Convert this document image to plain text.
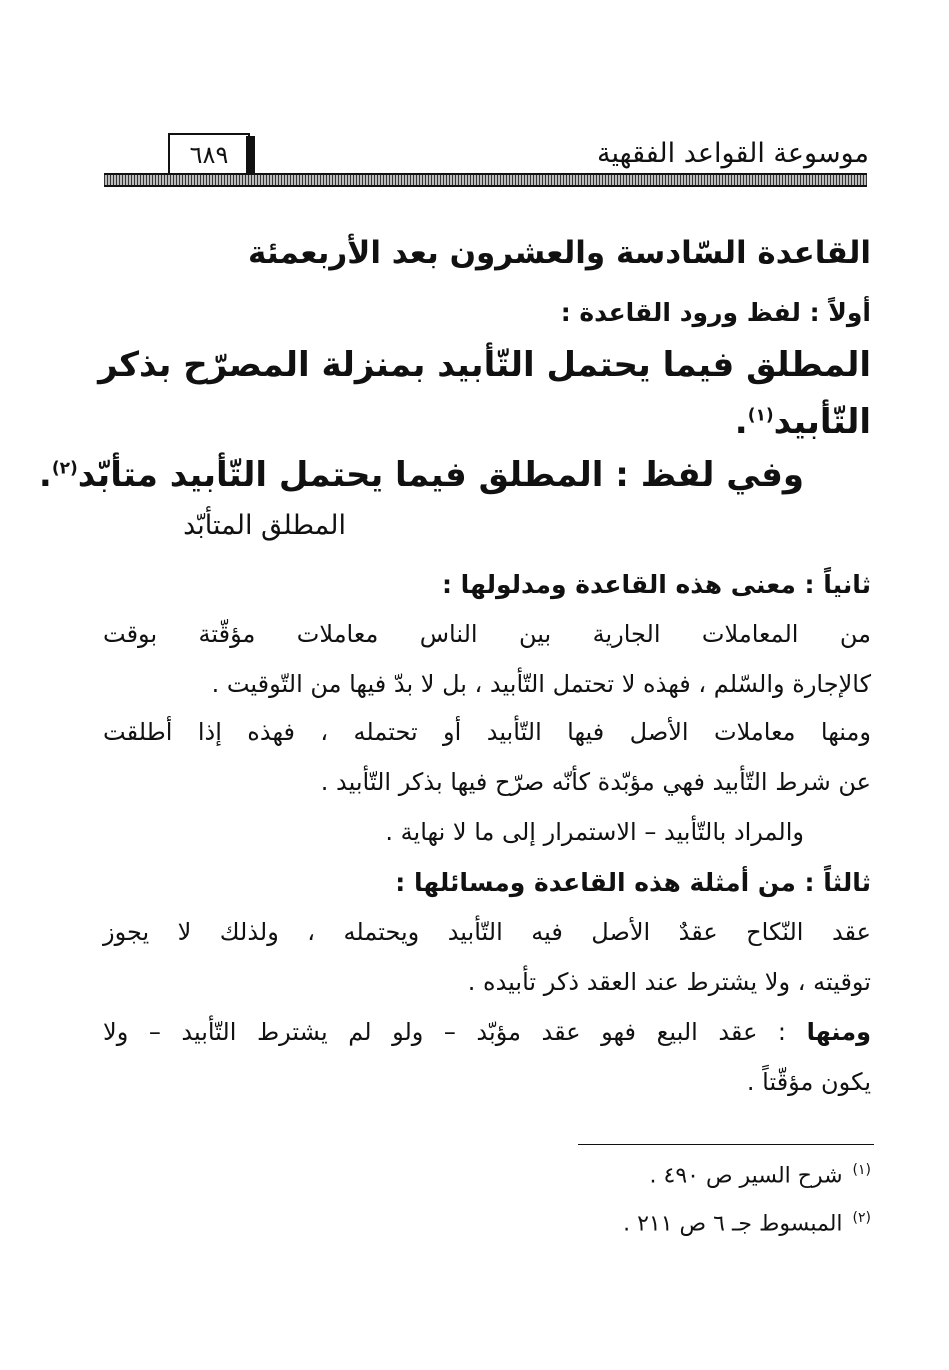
موسوعة القواعد الفقهية
٦٨٩
القاعدة السّادسة والعشرون بعد الأربعمئة
أولاً : لفظ ورود القاعدة :
المطلق فيما يحتمل التّأبيد بمنزلة المصرّح بذكر
التّأبيد$^{(١)}$.
وفي لفظ : المطلق فيما يحتمل التّأبيد متأبّد$^{(٢)}$.
المطلق المتأبّد
ثانياً : معنى هذه القاعدة ومدلولها :
من المعاملات الجارية بين الناس معاملات مؤقّتة بوقت
كالإجارة والسّلم ، فهذه لا تحتمل التّأبيد ، بل لا بدّ فيها من التّوقيت .
ومنها معاملات الأصل فيها التّأبيد أو تحتمله ، فهذه إذا أطلقت
عن شرط التّأبيد فهي مؤبّدة كأنّه صرّح فيها بذكر التّأبيد .
والمراد بالتّأبيد – الاستمرار إلى ما لا نهاية .
ثالثاً : من أمثلة هذه القاعدة ومسائلها :
عقد النّكاح عقدٌ الأصل فيه التّأبيد ويحتمله ، ولذلك لا يجوز
توقيته ، ولا يشترط عند العقد ذكر تأبيده .
ومنها : عقد البيع فهو عقد مؤبّد – ولو لم يشترط التّأبيد – ولا
يكون مؤقّتاً .
$^{(١)}$شرح السير ص ٤٩٠ .
$^{(٢)}$المبسوط جـ ٦ ص ٢١١ .
